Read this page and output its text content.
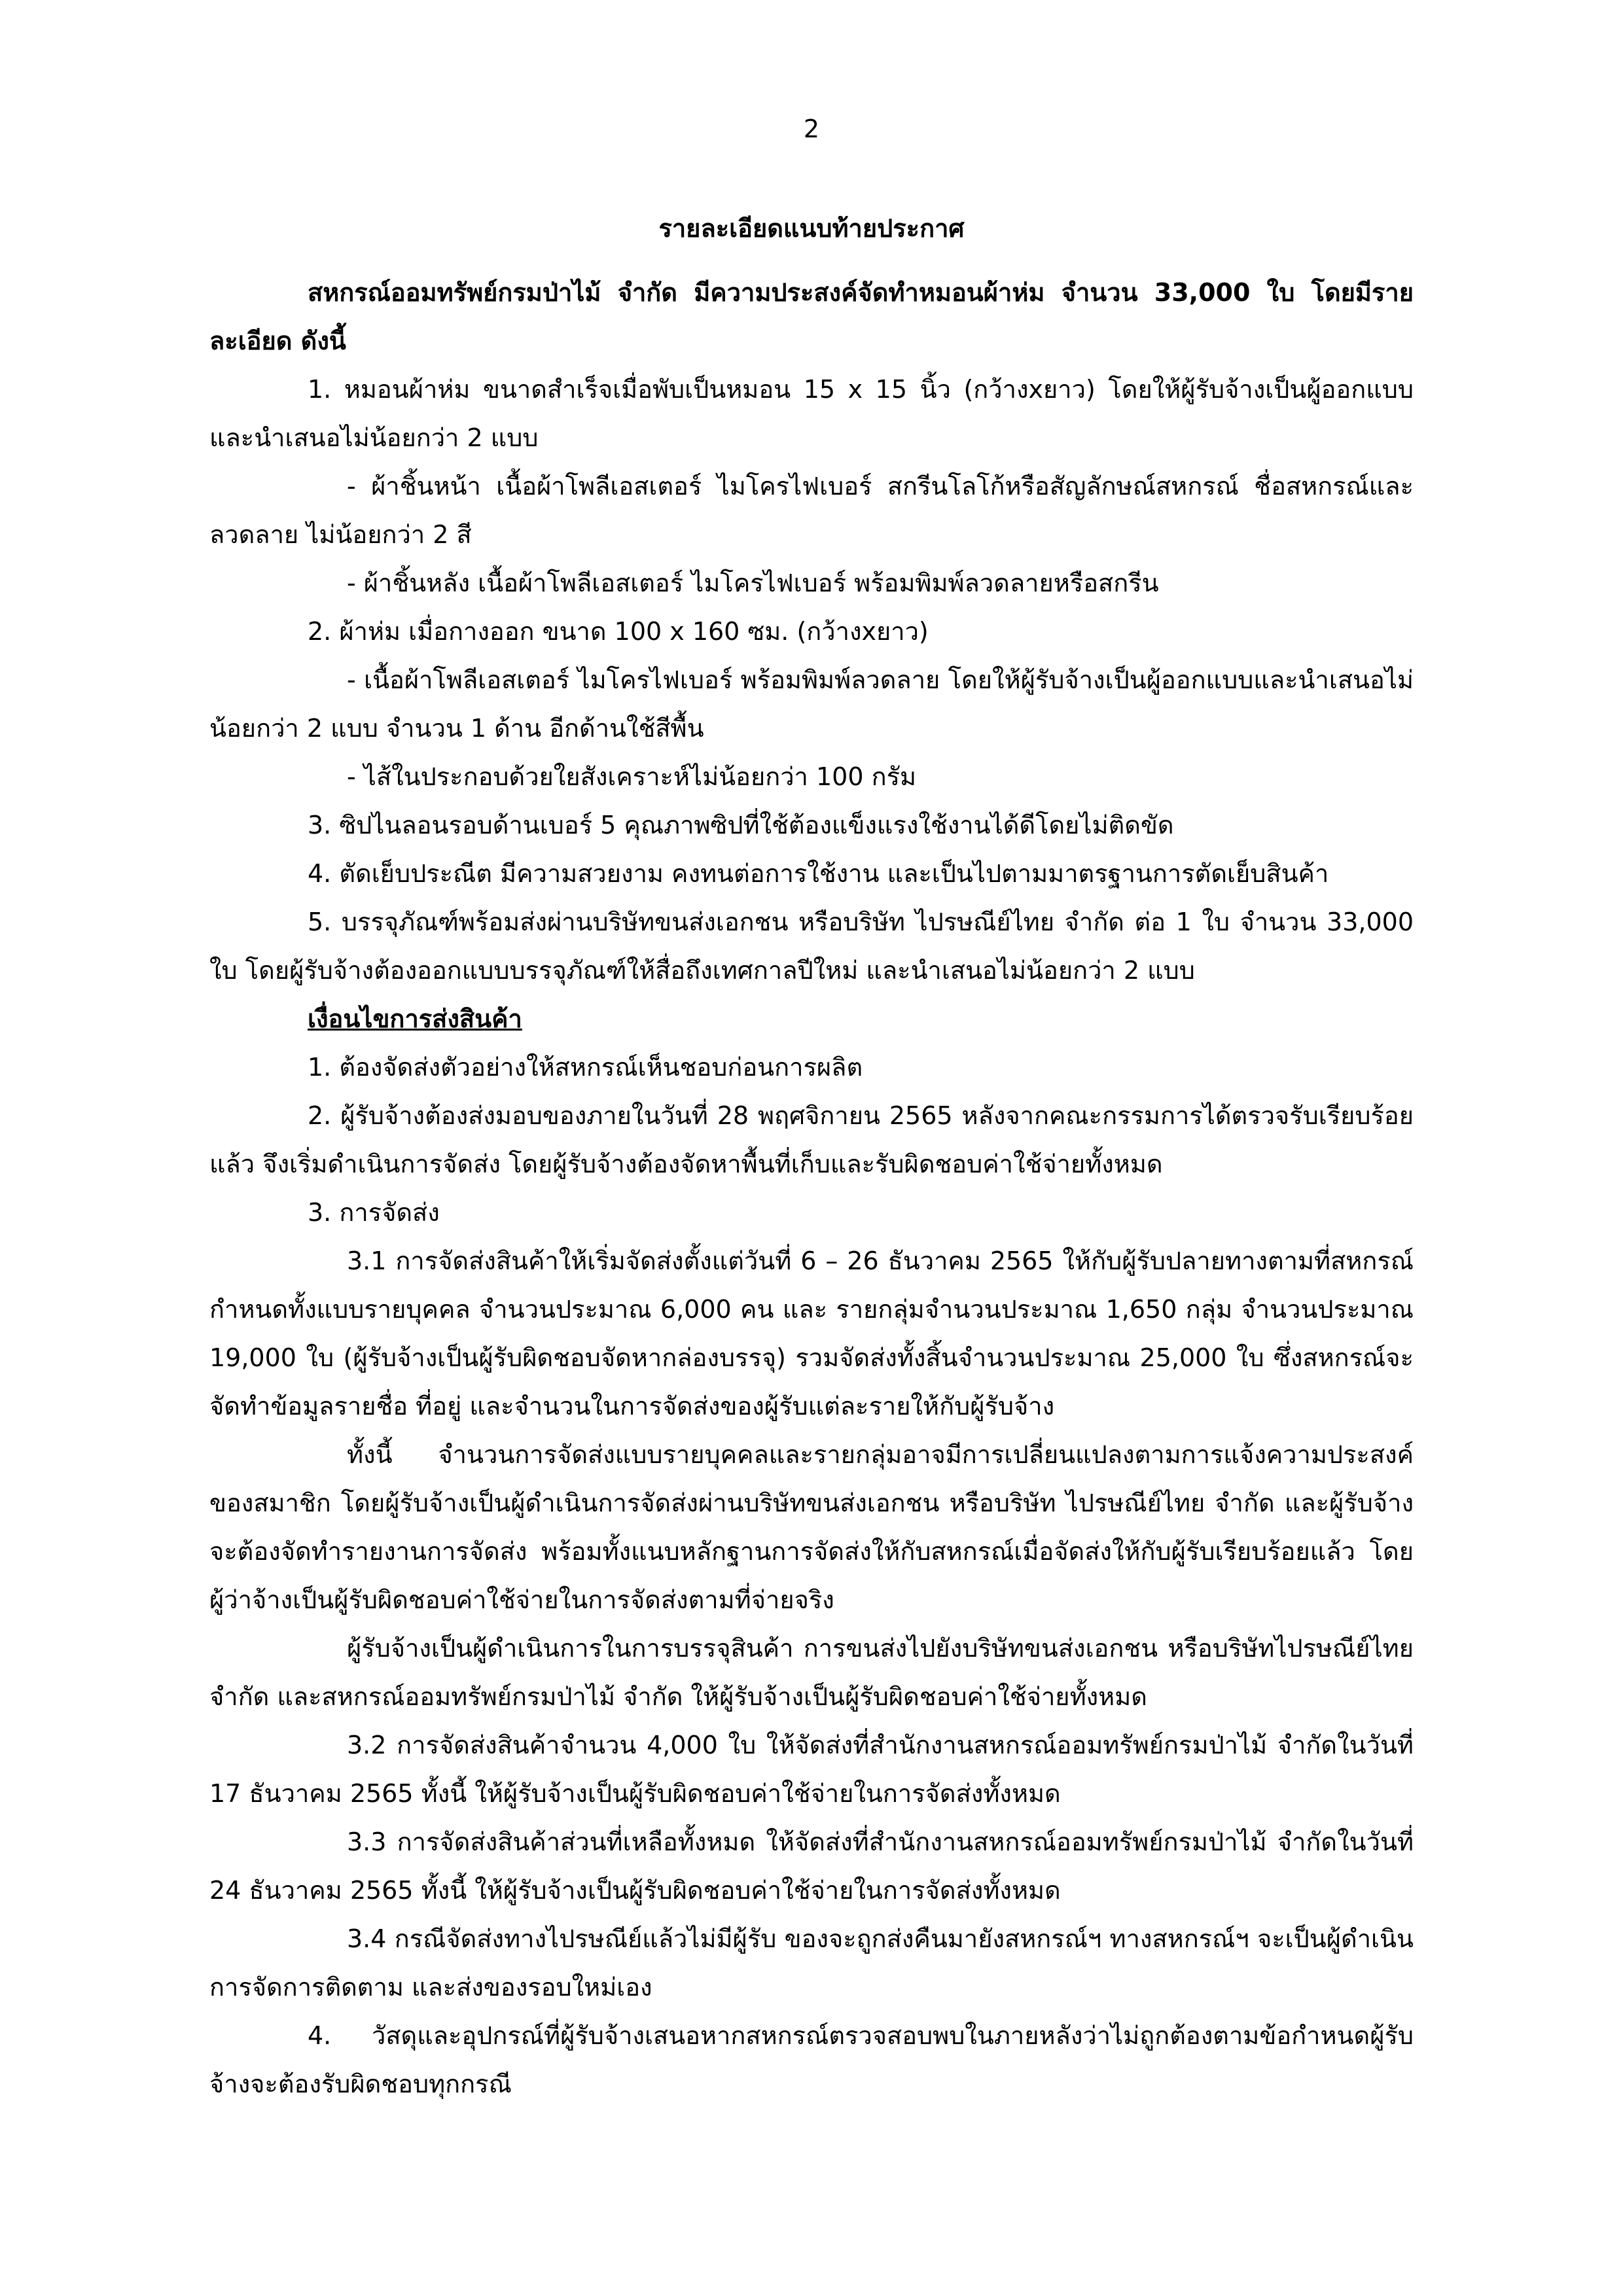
2
รายละเอียดแนบท้ายประกาศ

สหกรณ์ออมทรัพย์กรมป่าไม้ จำกัด มีความประสงค์จัดทำหมอนผ้าห่ม จำนวน 33,000 ใบ โดยมีรายละเอียด ดังนี้

1. หมอนผ้าห่ม ขนาดสำเร็จเมื่อพับเป็นหมอน 15 x 15 นิ้ว (กว้างxยาว) โดยให้ผู้รับจ้างเป็นผู้ออกแบบและนำเสนอไม่น้อยกว่า 2 แบบ

- ผ้าชิ้นหน้า เนื้อผ้าโพลีเอสเตอร์ ไมโครไฟเบอร์ สกรีนโลโก้หรือสัญลักษณ์สหกรณ์ ชื่อสหกรณ์และลวดลาย ไม่น้อยกว่า 2 สี

- ผ้าชิ้นหลัง เนื้อผ้าโพลีเอสเตอร์ ไมโครไฟเบอร์ พร้อมพิมพ์ลวดลายหรือสกรีน

2. ผ้าห่ม เมื่อกางออก ขนาด 100 x 160 ซม. (กว้างxยาว)

- เนื้อผ้าโพลีเอสเตอร์ ไมโครไฟเบอร์ พร้อมพิมพ์ลวดลาย โดยให้ผู้รับจ้างเป็นผู้ออกแบบและนำเสนอไม่น้อยกว่า 2 แบบ จำนวน 1 ด้าน อีกด้านใช้สีพื้น

- ไส้ในประกอบด้วยใยสังเคราะห์ไม่น้อยกว่า 100 กรัม

3. ซิปไนลอนรอบด้านเบอร์ 5 คุณภาพซิปที่ใช้ต้องแข็งแรงใช้งานได้ดีโดยไม่ติดขัด

4. ตัดเย็บประณีต มีความสวยงาม คงทนต่อการใช้งาน และเป็นไปตามมาตรฐานการตัดเย็บสินค้า

5. บรรจุภัณฑ์พร้อมส่งผ่านบริษัทขนส่งเอกชน หรือบริษัท ไปรษณีย์ไทย จำกัด ต่อ 1 ใบ จำนวน 33,000 ใบ โดยผู้รับจ้างต้องออกแบบบรรจุภัณฑ์ให้สื่อถึงเทศกาลปีใหม่ และนำเสนอไม่น้อยกว่า 2 แบบ

เงื่อนไขการส่งสินค้า

1. ต้องจัดส่งตัวอย่างให้สหกรณ์เห็นชอบก่อนการผลิต

2. ผู้รับจ้างต้องส่งมอบของภายในวันที่ 28 พฤศจิกายน 2565 หลังจากคณะกรรมการได้ตรวจรับเรียบร้อยแล้ว จึงเริ่มดำเนินการจัดส่ง โดยผู้รับจ้างต้องจัดหาพื้นที่เก็บและรับผิดชอบค่าใช้จ่ายทั้งหมด

3. การจัดส่ง

3.1 การจัดส่งสินค้าให้เริ่มจัดส่งตั้งแต่วันที่ 6 – 26 ธันวาคม 2565 ให้กับผู้รับปลายทางตามที่สหกรณ์กำหนดทั้งแบบรายบุคคล จำนวนประมาณ 6,000 คน และ รายกลุ่มจำนวนประมาณ 1,650 กลุ่ม จำนวนประมาณ 19,000 ใบ (ผู้รับจ้างเป็นผู้รับผิดชอบจัดหากล่องบรรจุ) รวมจัดส่งทั้งสิ้นจำนวนประมาณ 25,000 ใบ ซึ่งสหกรณ์จะจัดทำข้อมูลรายชื่อ ที่อยู่ และจำนวนในการจัดส่งของผู้รับแต่ละรายให้กับผู้รับจ้าง

ทั้งนี้ จำนวนการจัดส่งแบบรายบุคคลและรายกลุ่มอาจมีการเปลี่ยนแปลงตามการแจ้งความประสงค์ของสมาชิก โดยผู้รับจ้างเป็นผู้ดำเนินการจัดส่งผ่านบริษัทขนส่งเอกชน หรือบริษัท ไปรษณีย์ไทย จำกัด และผู้รับจ้างจะต้องจัดทำรายงานการจัดส่ง พร้อมทั้งแนบหลักฐานการจัดส่งให้กับสหกรณ์เมื่อจัดส่งให้กับผู้รับเรียบร้อยแล้ว โดยผู้ว่าจ้างเป็นผู้รับผิดชอบค่าใช้จ่ายในการจัดส่งตามที่จ่ายจริง

ผู้รับจ้างเป็นผู้ดำเนินการในการบรรจุสินค้า การขนส่งไปยังบริษัทขนส่งเอกชน หรือบริษัทไปรษณีย์ไทย จำกัด และสหกรณ์ออมทรัพย์กรมป่าไม้ จำกัด ให้ผู้รับจ้างเป็นผู้รับผิดชอบค่าใช้จ่ายทั้งหมด

3.2 การจัดส่งสินค้าจำนวน 4,000 ใบ ให้จัดส่งที่สำนักงานสหกรณ์ออมทรัพย์กรมป่าไม้ จำกัดในวันที่ 17 ธันวาคม 2565 ทั้งนี้ ให้ผู้รับจ้างเป็นผู้รับผิดชอบค่าใช้จ่ายในการจัดส่งทั้งหมด

3.3 การจัดส่งสินค้าส่วนที่เหลือทั้งหมด ให้จัดส่งที่สำนักงานสหกรณ์ออมทรัพย์กรมป่าไม้ จำกัดในวันที่ 24 ธันวาคม 2565 ทั้งนี้ ให้ผู้รับจ้างเป็นผู้รับผิดชอบค่าใช้จ่ายในการจัดส่งทั้งหมด

3.4 กรณีจัดส่งทางไปรษณีย์แล้วไม่มีผู้รับ ของจะถูกส่งคืนมายังสหกรณ์ฯ ทางสหกรณ์ฯ จะเป็นผู้ดำเนินการจัดการติดตาม และส่งของรอบใหม่เอง

4. วัสดุและอุปกรณ์ที่ผู้รับจ้างเสนอหากสหกรณ์ตรวจสอบพบในภายหลังว่าไม่ถูกต้องตามข้อกำหนดผู้รับจ้างจะต้องรับผิดชอบทุกกรณี
